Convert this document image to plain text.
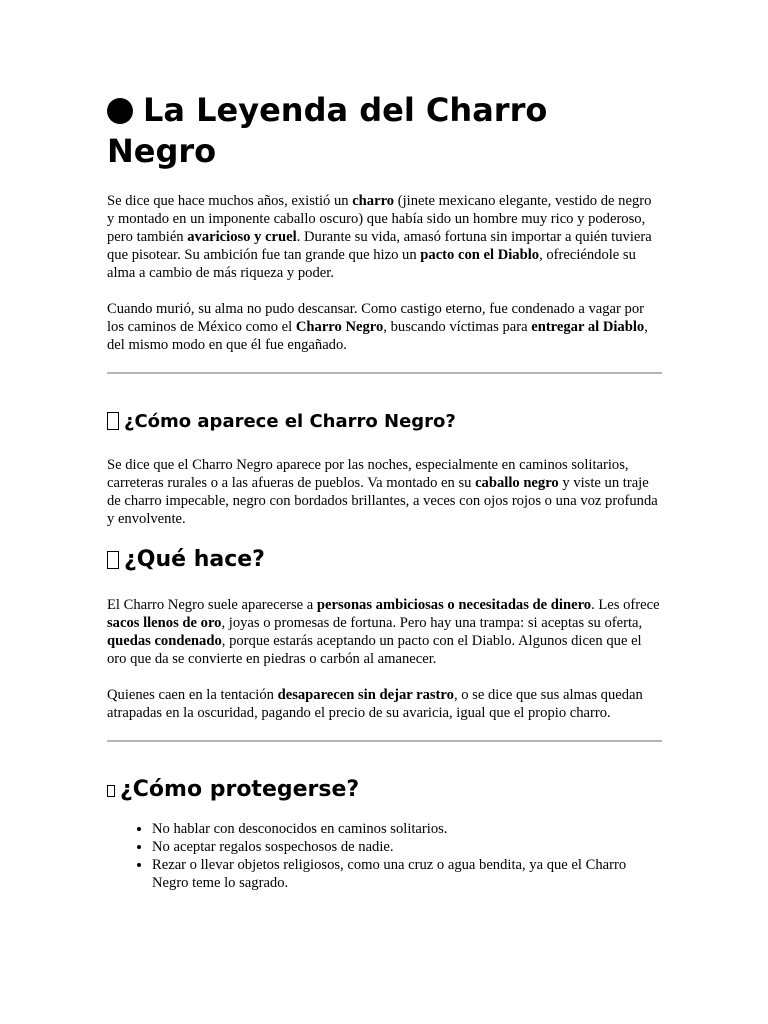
La Leyenda del Charro Negro

Se dice que hace muchos años, existió un charro (jinete mexicano elegante, vestido de negro y montado en un imponente caballo oscuro) que había sido un hombre muy rico y poderoso, pero también avaricioso y cruel. Durante su vida, amasó fortuna sin importar a quién tuviera que pisotear. Su ambición fue tan grande que hizo un pacto con el Diablo, ofreciéndole su alma a cambio de más riqueza y poder.

Cuando murió, su alma no pudo descansar. Como castigo eterno, fue condenado a vagar por los caminos de México como el Charro Negro, buscando víctimas para entregar al Diablo, del mismo modo en que él fue engañado.

¿Cómo aparece el Charro Negro?

Se dice que el Charro Negro aparece por las noches, especialmente en caminos solitarios, carreteras rurales o a las afueras de pueblos. Va montado en su caballo negro y viste un traje de charro impecable, negro con bordados brillantes, a veces con ojos rojos o una voz profunda y envolvente.

¿Qué hace?

El Charro Negro suele aparecerse a personas ambiciosas o necesitadas de dinero. Les ofrece sacos llenos de oro, joyas o promesas de fortuna. Pero hay una trampa: si aceptas su oferta, quedas condenado, porque estarás aceptando un pacto con el Diablo. Algunos dicen que el oro que da se convierte en piedras o carbón al amanecer.

Quienes caen en la tentación desaparecen sin dejar rastro, o se dice que sus almas quedan atrapadas en la oscuridad, pagando el precio de su avaricia, igual que el propio charro.

¿Cómo protegerse?
• No hablar con desconocidos en caminos solitarios.
• No aceptar regalos sospechosos de nadie.
• Rezar o llevar objetos religiosos, como una cruz o agua bendita, ya que el Charro Negro teme lo sagrado.
